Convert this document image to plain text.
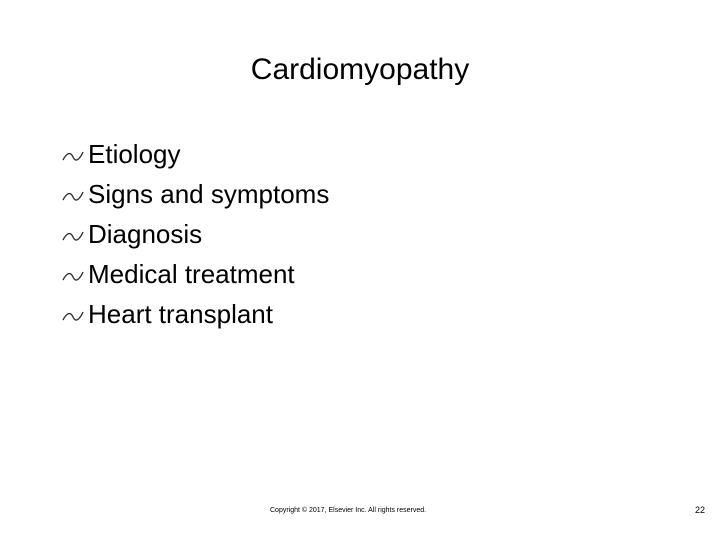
Cardiomyopathy
Etiology
Signs and symptoms
Diagnosis
Medical treatment
Heart transplant
Copyright © 2017, Elsevier Inc. All rights reserved.	22
